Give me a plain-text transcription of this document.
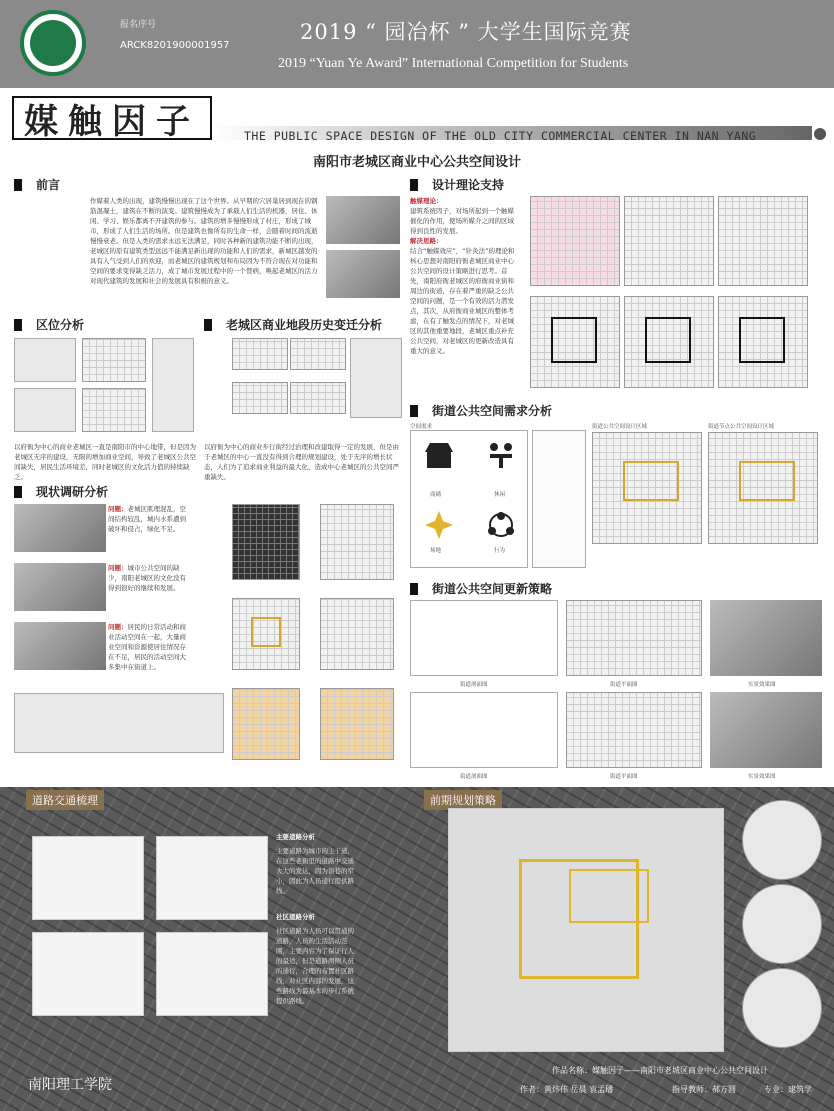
报名序号
ARCK8201900001957
2019 “ 园冶杯 ” 大学生国际竞赛
2019 “Yuan Ye Award” International Competition for Students
媒触因子	THE PUBLIC SPACE DESIGN OF THE OLD CITY COMMERCIAL CENTER IN NAN YANG
南阳市老城区商业中心公共空间设计
前言
作媒着人类的出现，建筑慢慢出现在了这个世界。从早期的穴居巢居到现在的钢筋混凝土，建筑在不断的演变。建筑慢慢成为了承载人们生活的机器，居住、休闲、学习、娱乐都离不开建筑的参与。建筑的增多慢慢形成了村庄，形成了城市，形成了人们生活的场所。但是建筑也像所有的生命一样，会随着时间的流逝慢慢衰老。但是人类的需求永远无法满足，同时各种新的建筑功能不断的出现，老城区的原有建筑类型远远不能满足新出现的功能和人们的需求，新城区越发的具有人气受到人们的欢迎，而老城区的建筑规划和布局因为不符合现在对功能和空间的要求变得缺乏活力，成了城市发展过程中的一个赘病，唤起老城区的活力对现代建筑的发展和社会的发展具有积极的意义。
区位分析
以府衙为中心的商业老城区一直是南阳市的中心地带，但是因为老城区无序的建设，无限的增加商业空间，导致了老城区公共空间缺失，居民生活环境差，同时老城区的文化活力值的持续缺乏。
老城区商业地段历史变迁分析
以府衙为中心的商业步行街经过治理和改建取得一定的发展，但是由于老城区的中心一直没有得到合理的规划建设，处于无序的增长状态，人们为了追求商业利益的最大化，造成中心老城区的公共空间严重缺失。
现状调研分析
问题：老城区肌理混乱，空间结构较乱，城内水系遭到破坏和侵占，绿化不足。
问题：城市公共空间的缺少，南阳老城区的文化没有得到很好的继续和发展。
问题：居民的日常活动和商业活动空间在一起，大量商业空间和资源使居住情况存在不足，居民的活动空间大多集中在街道上。
设计理论支持
触媒理论：
建筑系统因子，对场所起到一个触媒催化的作用，使场所媒介之间的区域得到良性的发展。
解决思路：
结合“触媒效应”，“针灸法”的理论和核心思想对南阳府衙老城区商业中心公共空间的设计策略进行思考。首先，南阳府衙老城区的府衙商业街和周边的街道，存在着严重的缺乏公共空间的问题，是一个有效的活力潜发点，其次，从府衙商业城区的整体考虑，在有了触发点的情况下，对老城区的其他重要地段，老城区重点补充公共空间，对老城区的更新改造具有重大的意义。
街道公共空间需求分析
空间需求
商铺	休闲
场地	行为
街道公共空间设计区域	街道节点公共空间设计区域
街道公共空间更新策略
街道剖面图	街道平面图	实景效果图
街道剖面图	街道平面图	实景效果图
道路交通梳理	前期规划策略
主要道路分析
主要道路为城市的主干道，在这些老街里的道路中交通大大的发达，因为街巷的窄小，因此为人员通行提供路线。
社区道路分析
社区道路为人员可以贯通的道路，人员的生活活动范围，主要内容为了保证行人的最适，但是道路两侧人员的通行，合理的布置社区路线，对社区内部的发展，这些路线为最基本的步行系统提供路线。
南阳理工学院
作品名称：媒触因子——南阳市老城区商业中心公共空间设计
作者：黄炜伟 岳晨 袁孟璠	指导教师：郝方圆	专业：建筑学
